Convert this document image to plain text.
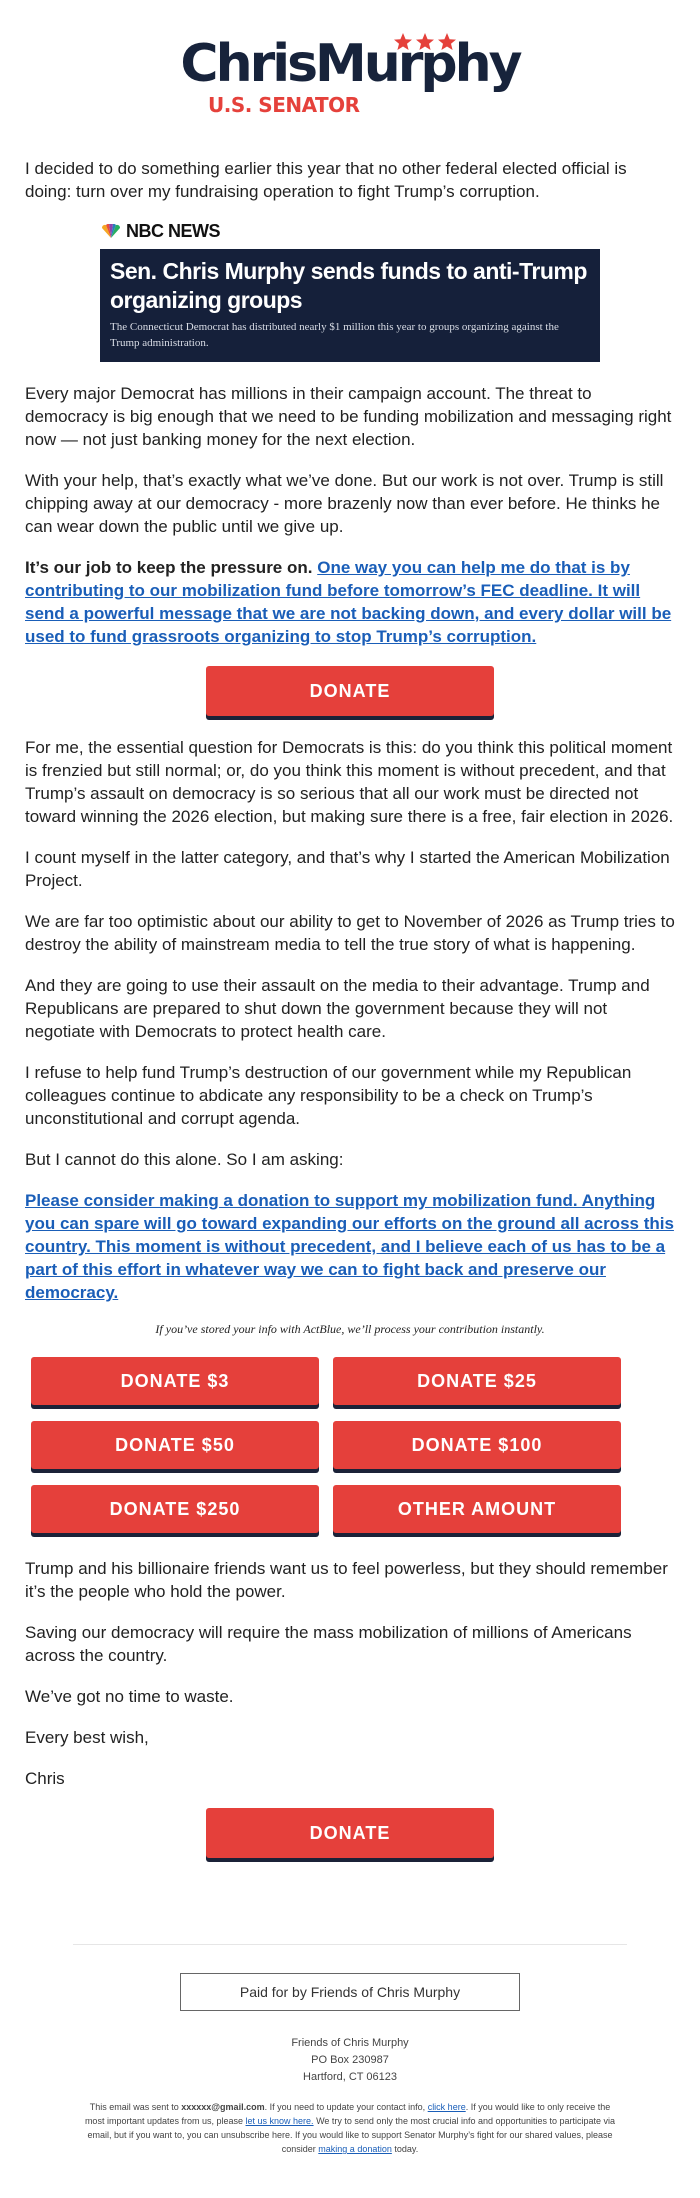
ChrisMurphy
U.S. SENATOR

I decided to do something earlier this year that no other federal elected official is doing: turn over my fundraising operation to fight Trump’s corruption.

NBC NEWS
Sen. Chris Murphy sends funds to anti-Trump organizing groups
The Connecticut Democrat has distributed nearly $1 million this year to groups organizing against the Trump administration.

Every major Democrat has millions in their campaign account. The threat to democracy is big enough that we need to be funding mobilization and messaging right now — not just banking money for the next election.

With your help, that’s exactly what we’ve done. But our work is not over. Trump is still chipping away at our democracy - more brazenly now than ever before. He thinks he can wear down the public until we give up.

It’s our job to keep the pressure on. One way you can help me do that is by contributing to our mobilization fund before tomorrow’s FEC deadline. It will send a powerful message that we are not backing down, and every dollar will be used to fund grassroots organizing to stop Trump’s corruption.

DONATE

For me, the essential question for Democrats is this: do you think this political moment is frenzied but still normal; or, do you think this moment is without precedent, and that Trump’s assault on democracy is so serious that all our work must be directed not toward winning the 2026 election, but making sure there is a free, fair election in 2026.

I count myself in the latter category, and that’s why I started the American Mobilization Project.

We are far too optimistic about our ability to get to November of 2026 as Trump tries to destroy the ability of mainstream media to tell the true story of what is happening.

And they are going to use their assault on the media to their advantage. Trump and Republicans are prepared to shut down the government because they will not negotiate with Democrats to protect health care.

I refuse to help fund Trump’s destruction of our government while my Republican colleagues continue to abdicate any responsibility to be a check on Trump’s unconstitutional and corrupt agenda.

But I cannot do this alone. So I am asking:

Please consider making a donation to support my mobilization fund. Anything you can spare will go toward expanding our efforts on the ground all across this country. This moment is without precedent, and I believe each of us has to be a part of this effort in whatever way we can to fight back and preserve our democracy.

If you’ve stored your info with ActBlue, we’ll process your contribution instantly.
DONATE $3	DONATE $25
DONATE $50	DONATE $100
DONATE $250	OTHER AMOUNT

Trump and his billionaire friends want us to feel powerless, but they should remember it’s the people who hold the power.

Saving our democracy will require the mass mobilization of millions of Americans across the country.

We’ve got no time to waste.

Every best wish,

Chris

DONATE
Paid for by Friends of Chris Murphy
Friends of Chris Murphy
PO Box 230987
Hartford, CT 06123
This email was sent to xxxxxx@gmail.com. If you need to update your contact info, click here. If you would like to only receive the most important updates from us, please let us know here. We try to send only the most crucial info and opportunities to participate via email, but if you want to, you can unsubscribe here. If you would like to support Senator Murphy’s fight for our shared values, please consider making a donation today.
